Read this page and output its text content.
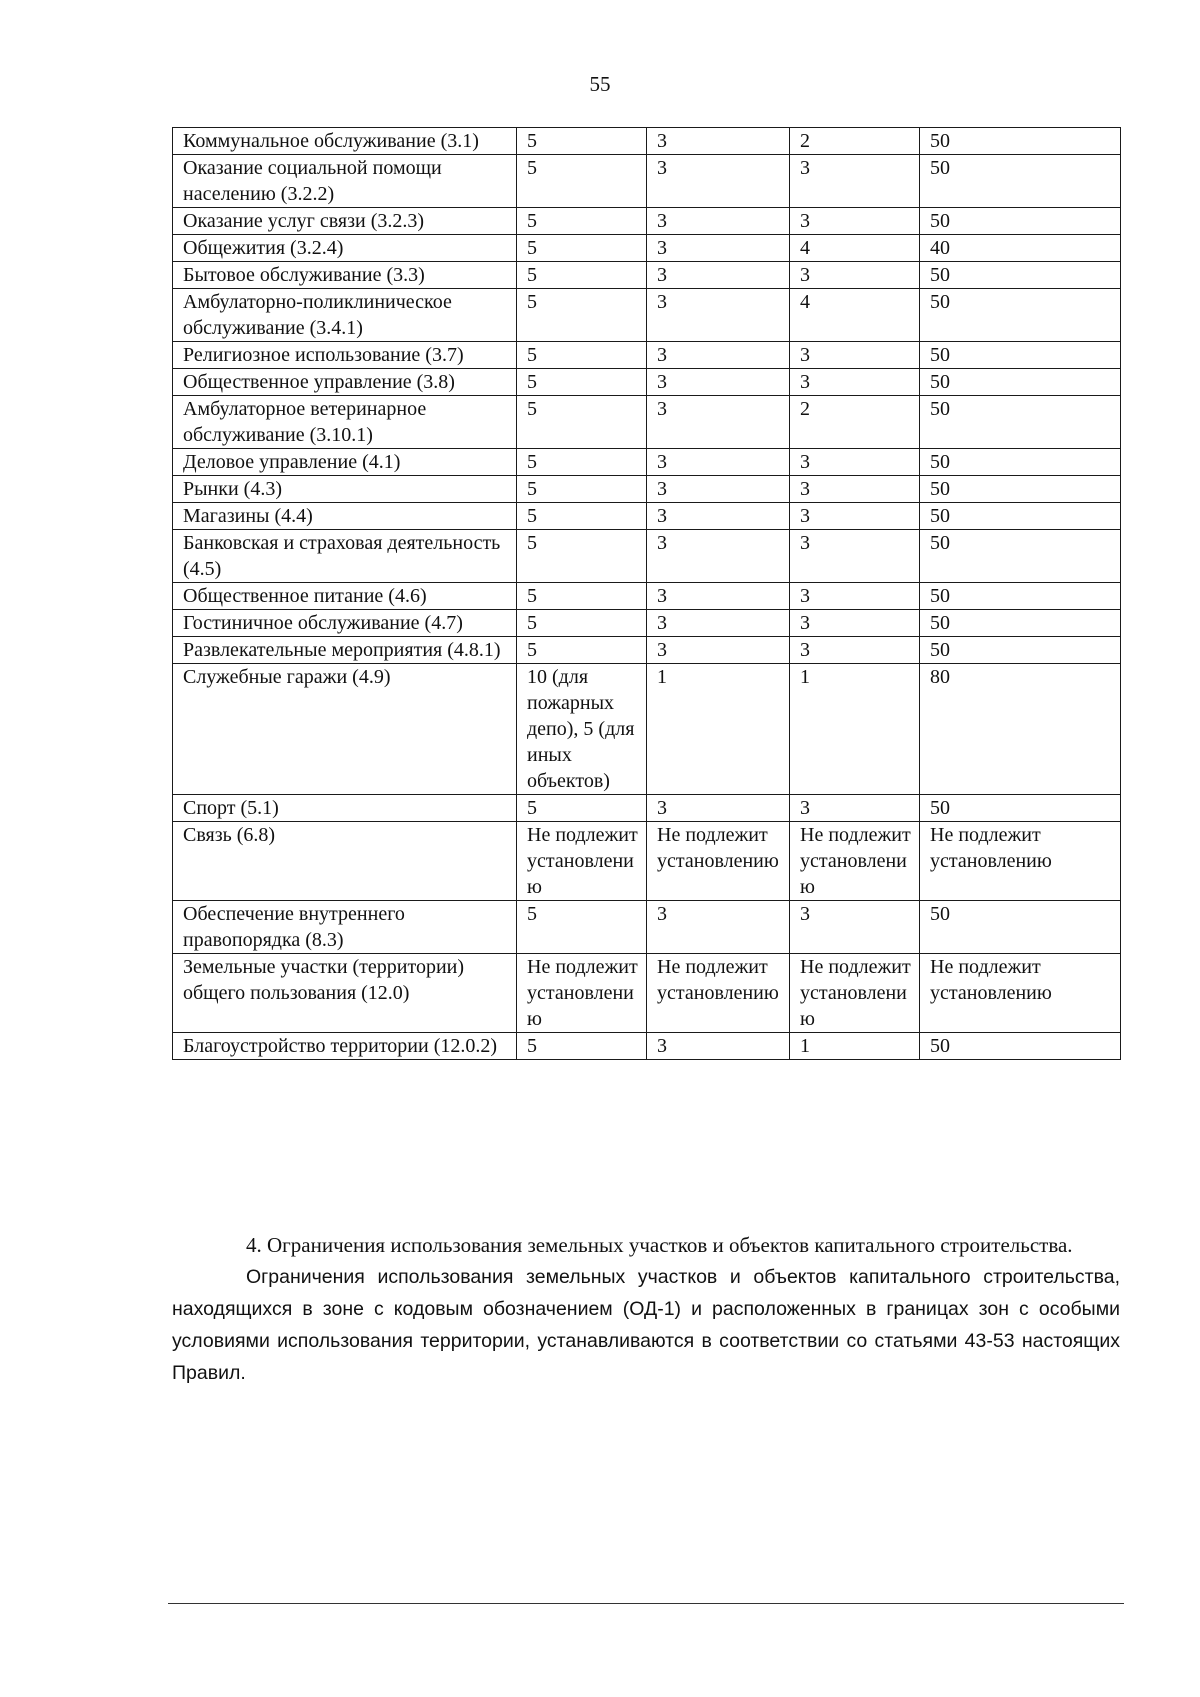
55
Коммунальное обслуживание (3.1)	5	3	2	50
Оказание социальной помощи населению (3.2.2)	5	3	3	50
Оказание услуг связи (3.2.3)	5	3	3	50
Общежития (3.2.4)	5	3	4	40
Бытовое обслуживание (3.3)	5	3	3	50
Амбулаторно-поликлиническое обслуживание (3.4.1)	5	3	4	50
Религиозное использование (3.7)	5	3	3	50
Общественное управление (3.8)	5	3	3	50
Амбулаторное ветеринарное обслуживание (3.10.1)	5	3	2	50
Деловое управление (4.1)	5	3	3	50
Рынки (4.3)	5	3	3	50
Магазины (4.4)	5	3	3	50
Банковская и страховая деятельность (4.5)	5	3	3	50
Общественное питание (4.6)	5	3	3	50
Гостиничное обслуживание (4.7)	5	3	3	50
Развлекательные мероприятия (4.8.1)	5	3	3	50
Служебные гаражи (4.9)	10 (для пожарных депо), 5 (для иных объектов)	1	1	80
Спорт (5.1)	5	3	3	50
Связь (6.8)	Не подлежит установлению	Не подлежит установлению	Не подлежит установлению	Не подлежит установлению
Обеспечение внутреннего правопорядка (8.3)	5	3	3	50
Земельные участки (территории) общего пользования (12.0)	Не подлежит установлению	Не подлежит установлению	Не подлежит установлению	Не подлежит установлению
Благоустройство территории (12.0.2)	5	3	1	50

4. Ограничения использования земельных участков и объектов капитального строительства.

Ограничения использования земельных участков и объектов капитального строительства, находящихся в зоне с кодовым обозначением (ОД-1) и расположенных в границах зон с особыми условиями использования территории, устанавливаются в соответствии со статьями 43-53 настоящих Правил.
